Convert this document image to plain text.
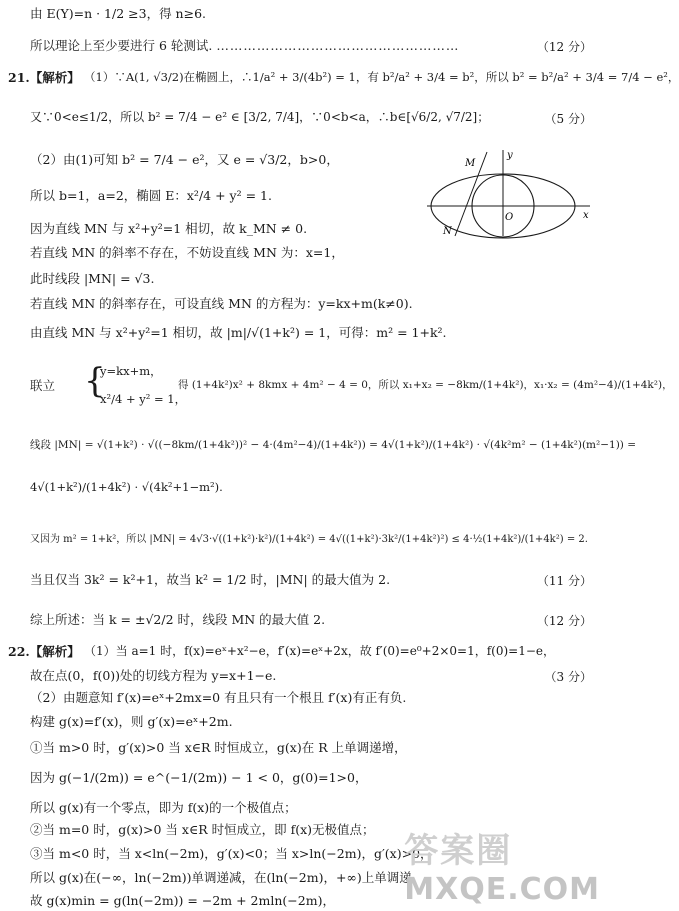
由 E(Y)=n · 1/2 ≥3，得 n≥6.
所以理论上至少要进行 6 轮测试. ………………………………………………	（12 分）
21.【解析】 （1）∵A(1, √3/2)在椭圆上，∴1/a² + 3/(4b²) = 1，有 b²/a² + 3/4 = b²，所以 b² = b²/a² + 3/4 = 7/4 − e²，
又∵0<e≤1/2，所以 b² = 7/4 − e² ∈ [3/2, 7/4]，∵0<b<a，∴b∈[√6/2, √7/2]；	（5 分）
（2）由(1)可知 b² = 7/4 − e²，又 e = √3/2，b>0，
所以 b=1，a=2，椭圆 E：x²/4 + y² = 1.
因为直线 MN 与 x²+y²=1 相切，故 k_MN ≠ 0.
若直线 MN 的斜率不存在，不妨设直线 MN 为：x=1，
此时线段 |MN| = √3.
若直线 MN 的斜率存在，可设直线 MN 的方程为：y=kx+m(k≠0).
由直线 MN 与 x²+y²=1 相切，故 |m|/√(1+k²) = 1，可得：m² = 1+k².
联立 {
y=kx+m，
x²/4 + y² = 1，
得 (1+4k²)x² + 8kmx + 4m² − 4 = 0，所以 x₁+x₂ = −8km/(1+4k²)，x₁·x₂ = (4m²−4)/(1+4k²)，
线段 |MN| = √(1+k²) · √((−8km/(1+4k²))² − 4·(4m²−4)/(1+4k²)) = 4√(1+k²)/(1+4k²) · √(4k²m² − (1+4k²)(m²−1)) =
4√(1+k²)/(1+4k²) · √(4k²+1−m²).
又因为 m² = 1+k²，所以 |MN| = 4√3·√((1+k²)·k²)/(1+4k²) = 4√((1+k²)·3k²/(1+4k²)²) ≤ 4·½(1+4k²)/(1+4k²) = 2.
当且仅当 3k² = k²+1，故当 k² = 1/2 时，|MN| 的最大值为 2.	（11 分）
综上所述：当 k = ±√2/2 时，线段 MN 的最大值 2.	（12 分）
M
N
O	x
y
22.【解析】 （1）当 a=1 时，f(x)=eˣ+x²−e，f′(x)=eˣ+2x，故 f′(0)=e⁰+2×0=1，f(0)=1−e，
故在点(0，f(0))处的切线方程为 y=x+1−e.	（3 分）
（2）由题意知 f′(x)=eˣ+2mx=0 有且只有一个根且 f′(x)有正有负.
构建 g(x)=f′(x)，则 g′(x)=eˣ+2m.
①当 m>0 时，g′(x)>0 当 x∈R 时恒成立，g(x)在 R 上单调递增，
因为 g(−1/(2m)) = e^(−1/(2m)) − 1 < 0，g(0)=1>0，
所以 g(x)有一个零点，即为 f(x)的一个极值点；
②当 m=0 时，g(x)>0 当 x∈R 时恒成立，即 f(x)无极值点；
③当 m<0 时，当 x<ln(−2m)，g′(x)<0；当 x>ln(−2m)，g′(x)>0，
所以 g(x)在(−∞，ln(−2m))单调递减，在(ln(−2m)，+∞)上单调递
故 g(x)min = g(ln(−2m)) = −2m + 2mln(−2m)，
答案圈
MXQE.COM
